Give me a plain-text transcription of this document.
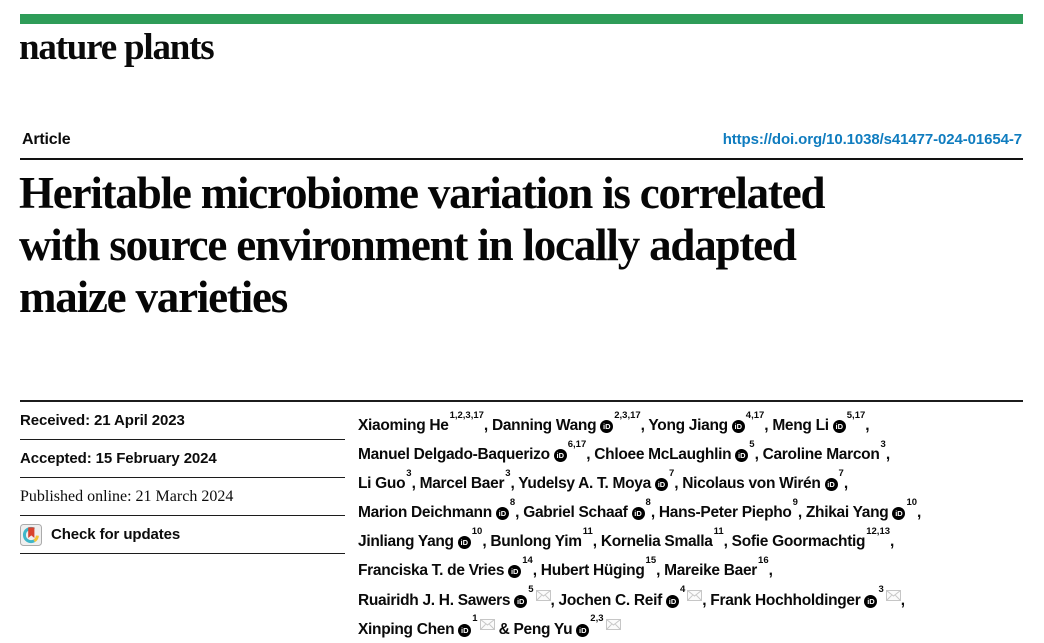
nature plants
Article	https://doi.org/10.1038/s41477-024-01654-7
Heritable microbiome variation is correlated
with source environment in locally adapted
maize varieties
Received: 21 April 2023
Accepted: 15 February 2024
Published online: 21 March 2024
Check for updates
Xiaoming He$^{1,2,3,17}$, Danning Wang iD$^{2,3,17}$, Yong Jiang iD$^{4,17}$, Meng Li iD$^{5,17}$,
Manuel Delgado-Baquerizo iD$^{6,17}$, Chloee McLaughlin $iD^5$, Caroline Marcon$^3$,
Li Guo$^3$, Marcel Baer$^3$, Yudelsy A. T. Moya $iD^7$, Nicolaus von Wirén $iD^7$,
Marion Deichmann $iD^8$, Gabriel Schaaf $iD^8$, Hans-Peter Piepho$^9$, Zhikai Yang $iD^{10}$,
Jinliang Yang $iD^{10}$, Bunlong Yim$^{11}$, Kornelia Smalla$^{11}$, Sofie Goormachtig$^{12,13}$,
Franciska T. de Vries $iD^{14}$, Hubert Hüging$^{15}$, Mareike Baer$^{16}$,
Ruairidh J. H. Sawers $iD^5$, Jochen C. Reif $iD^4$, Frank Hochholdinger $iD^3$,
Xinping Chen $iD^1$ & Peng Yu iD$^{2,3}$
